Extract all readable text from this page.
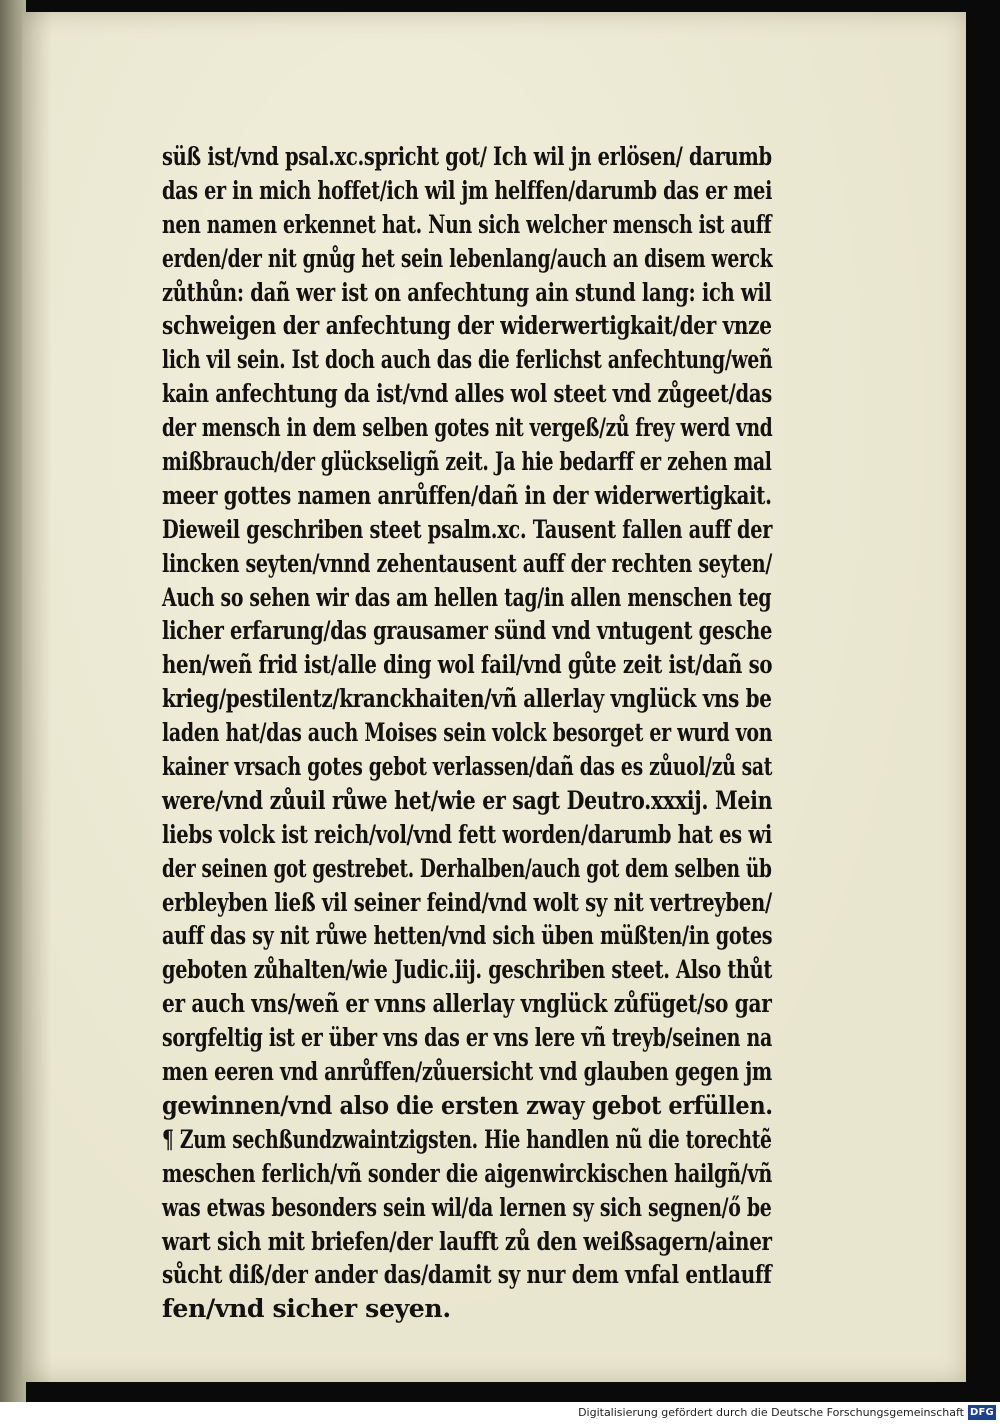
süß ist/vnd psal.xc.spricht got/ Ich wil jn erlösen/ darumb
das er in mich hoffet/ich wil jm helffen/darumb das er mei
nen namen erkennet hat. Nun sich welcher mensch ist auff
erden/der nit gnůg het sein lebenlang/auch an disem werck
zůthůn: dañ wer ist on anfechtung ain stund lang: ich wil
schweigen der anfechtung der widerwertigkait/der vnze
lich vil sein. Ist doch auch das die ferlichst anfechtung/weñ
kain anfechtung da ist/vnd alles wol steet vnd zůgeet/das
der mensch in dem selben gotes nit vergeß/zů frey werd vnd
mißbrauch/der glückseligñ zeit. Ja hie bedarff er zehen mal
meer gottes namen anrůffen/dañ in der widerwertigkait.
Dieweil geschriben steet psalm.xc. Tausent fallen auff der
lincken seyten/vnnd zehentausent auff der rechten seyten/
Auch so sehen wir das am hellen tag/in allen menschen teg
licher erfarung/das grausamer sünd vnd vntugent gesche
hen/weñ frid ist/alle ding wol fail/vnd gůte zeit ist/dañ so
krieg/pestilentz/kranckhaiten/vñ allerlay vnglück vns be
laden hat/das auch Moises sein volck besorget er wurd von
kainer vrsach gotes gebot verlassen/dañ das es zůuol/zů sat
were/vnd zůuil růwe het/wie er sagt Deutro.xxxij. Mein
liebs volck ist reich/vol/vnd fett worden/darumb hat es wi
der seinen got gestrebet. Derhalben/auch got dem selben üb
erbleyben ließ vil seiner feind/vnd wolt sy nit vertreyben/
auff das sy nit růwe hetten/vnd sich üben müßten/in gotes
geboten zůhalten/wie Judic.iij. geschriben steet. Also thůt
er auch vns/weñ er vnns allerlay vnglück zůfüget/so gar
sorgfeltig ist er über vns das er vns lere vñ treyb/seinen na
men eeren vnd anrůffen/zůuersicht vnd glauben gegen jm
gewinnen/vnd also die ersten zway gebot erfüllen.
¶ Zum sechßundzwaintzigsten. Hie handlen nũ die torechtẽ
meschen ferlich/vñ sonder die aigenwirckischen hailgñ/vñ
was etwas besonders sein wil/da lernen sy sich segnen/ő be
wart sich mit briefen/der laufft zů den weißsagern/ainer
sůcht diß/der ander das/damit sy nur dem vnfal entlauff
fen/vnd sicher seyen.
Digitalisierung gefördert durch die Deutsche Forschungsgemeinschaft DFG
